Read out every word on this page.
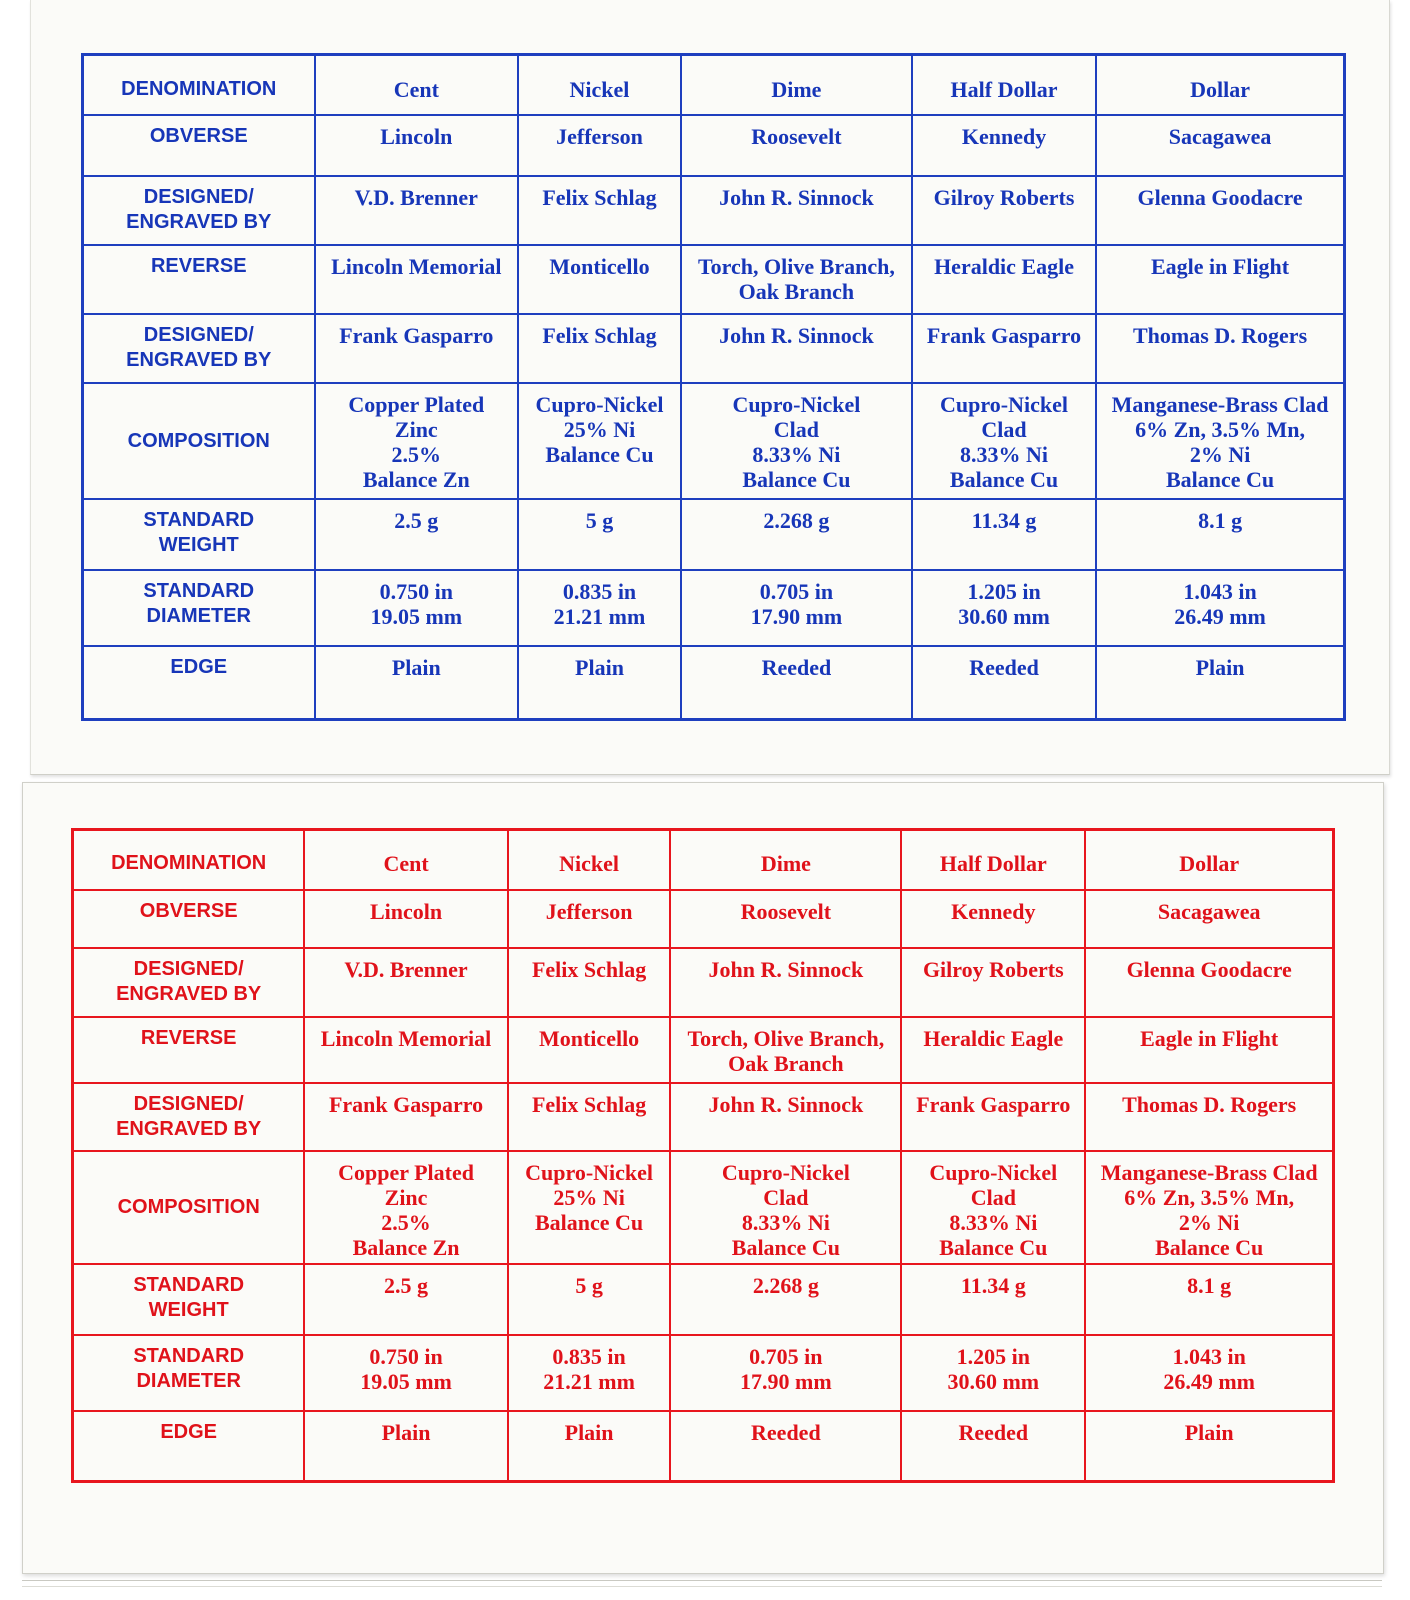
DENOMINATION	Cent	Nickel	Dime	Half Dollar	Dollar
OBVERSE	Lincoln	Jefferson	Roosevelt	Kennedy	Sacagawea
DESIGNED/
ENGRAVED BY	V.D. Brenner	Felix Schlag	John R. Sinnock	Gilroy Roberts	Glenna Goodacre
REVERSE	Lincoln Memorial	Monticello	Torch, Olive Branch,
Oak Branch	Heraldic Eagle	Eagle in Flight
DESIGNED/
ENGRAVED BY	Frank Gasparro	Felix Schlag	John R. Sinnock	Frank Gasparro	Thomas D. Rogers
COMPOSITION	Copper Plated
Zinc
2.5%
Balance Zn	Cupro-Nickel
25% Ni
Balance Cu	Cupro-Nickel
Clad
8.33% Ni
Balance Cu	Cupro-Nickel
Clad
8.33% Ni
Balance Cu	Manganese-Brass Clad
6% Zn, 3.5% Mn,
2% Ni
Balance Cu
STANDARD
WEIGHT	2.5 g	5 g	2.268 g	11.34 g	8.1 g
STANDARD
DIAMETER	0.750 in
19.05 mm	0.835 in
21.21 mm	0.705 in
17.90 mm	1.205 in
30.60 mm	1.043 in
26.49 mm
EDGE	Plain	Plain	Reeded	Reeded	Plain
DENOMINATION	Cent	Nickel	Dime	Half Dollar	Dollar
OBVERSE	Lincoln	Jefferson	Roosevelt	Kennedy	Sacagawea
DESIGNED/
ENGRAVED BY	V.D. Brenner	Felix Schlag	John R. Sinnock	Gilroy Roberts	Glenna Goodacre
REVERSE	Lincoln Memorial	Monticello	Torch, Olive Branch,
Oak Branch	Heraldic Eagle	Eagle in Flight
DESIGNED/
ENGRAVED BY	Frank Gasparro	Felix Schlag	John R. Sinnock	Frank Gasparro	Thomas D. Rogers
COMPOSITION	Copper Plated
Zinc
2.5%
Balance Zn	Cupro-Nickel
25% Ni
Balance Cu	Cupro-Nickel
Clad
8.33% Ni
Balance Cu	Cupro-Nickel
Clad
8.33% Ni
Balance Cu	Manganese-Brass Clad
6% Zn, 3.5% Mn,
2% Ni
Balance Cu
STANDARD
WEIGHT	2.5 g	5 g	2.268 g	11.34 g	8.1 g
STANDARD
DIAMETER	0.750 in
19.05 mm	0.835 in
21.21 mm	0.705 in
17.90 mm	1.205 in
30.60 mm	1.043 in
26.49 mm
EDGE	Plain	Plain	Reeded	Reeded	Plain
